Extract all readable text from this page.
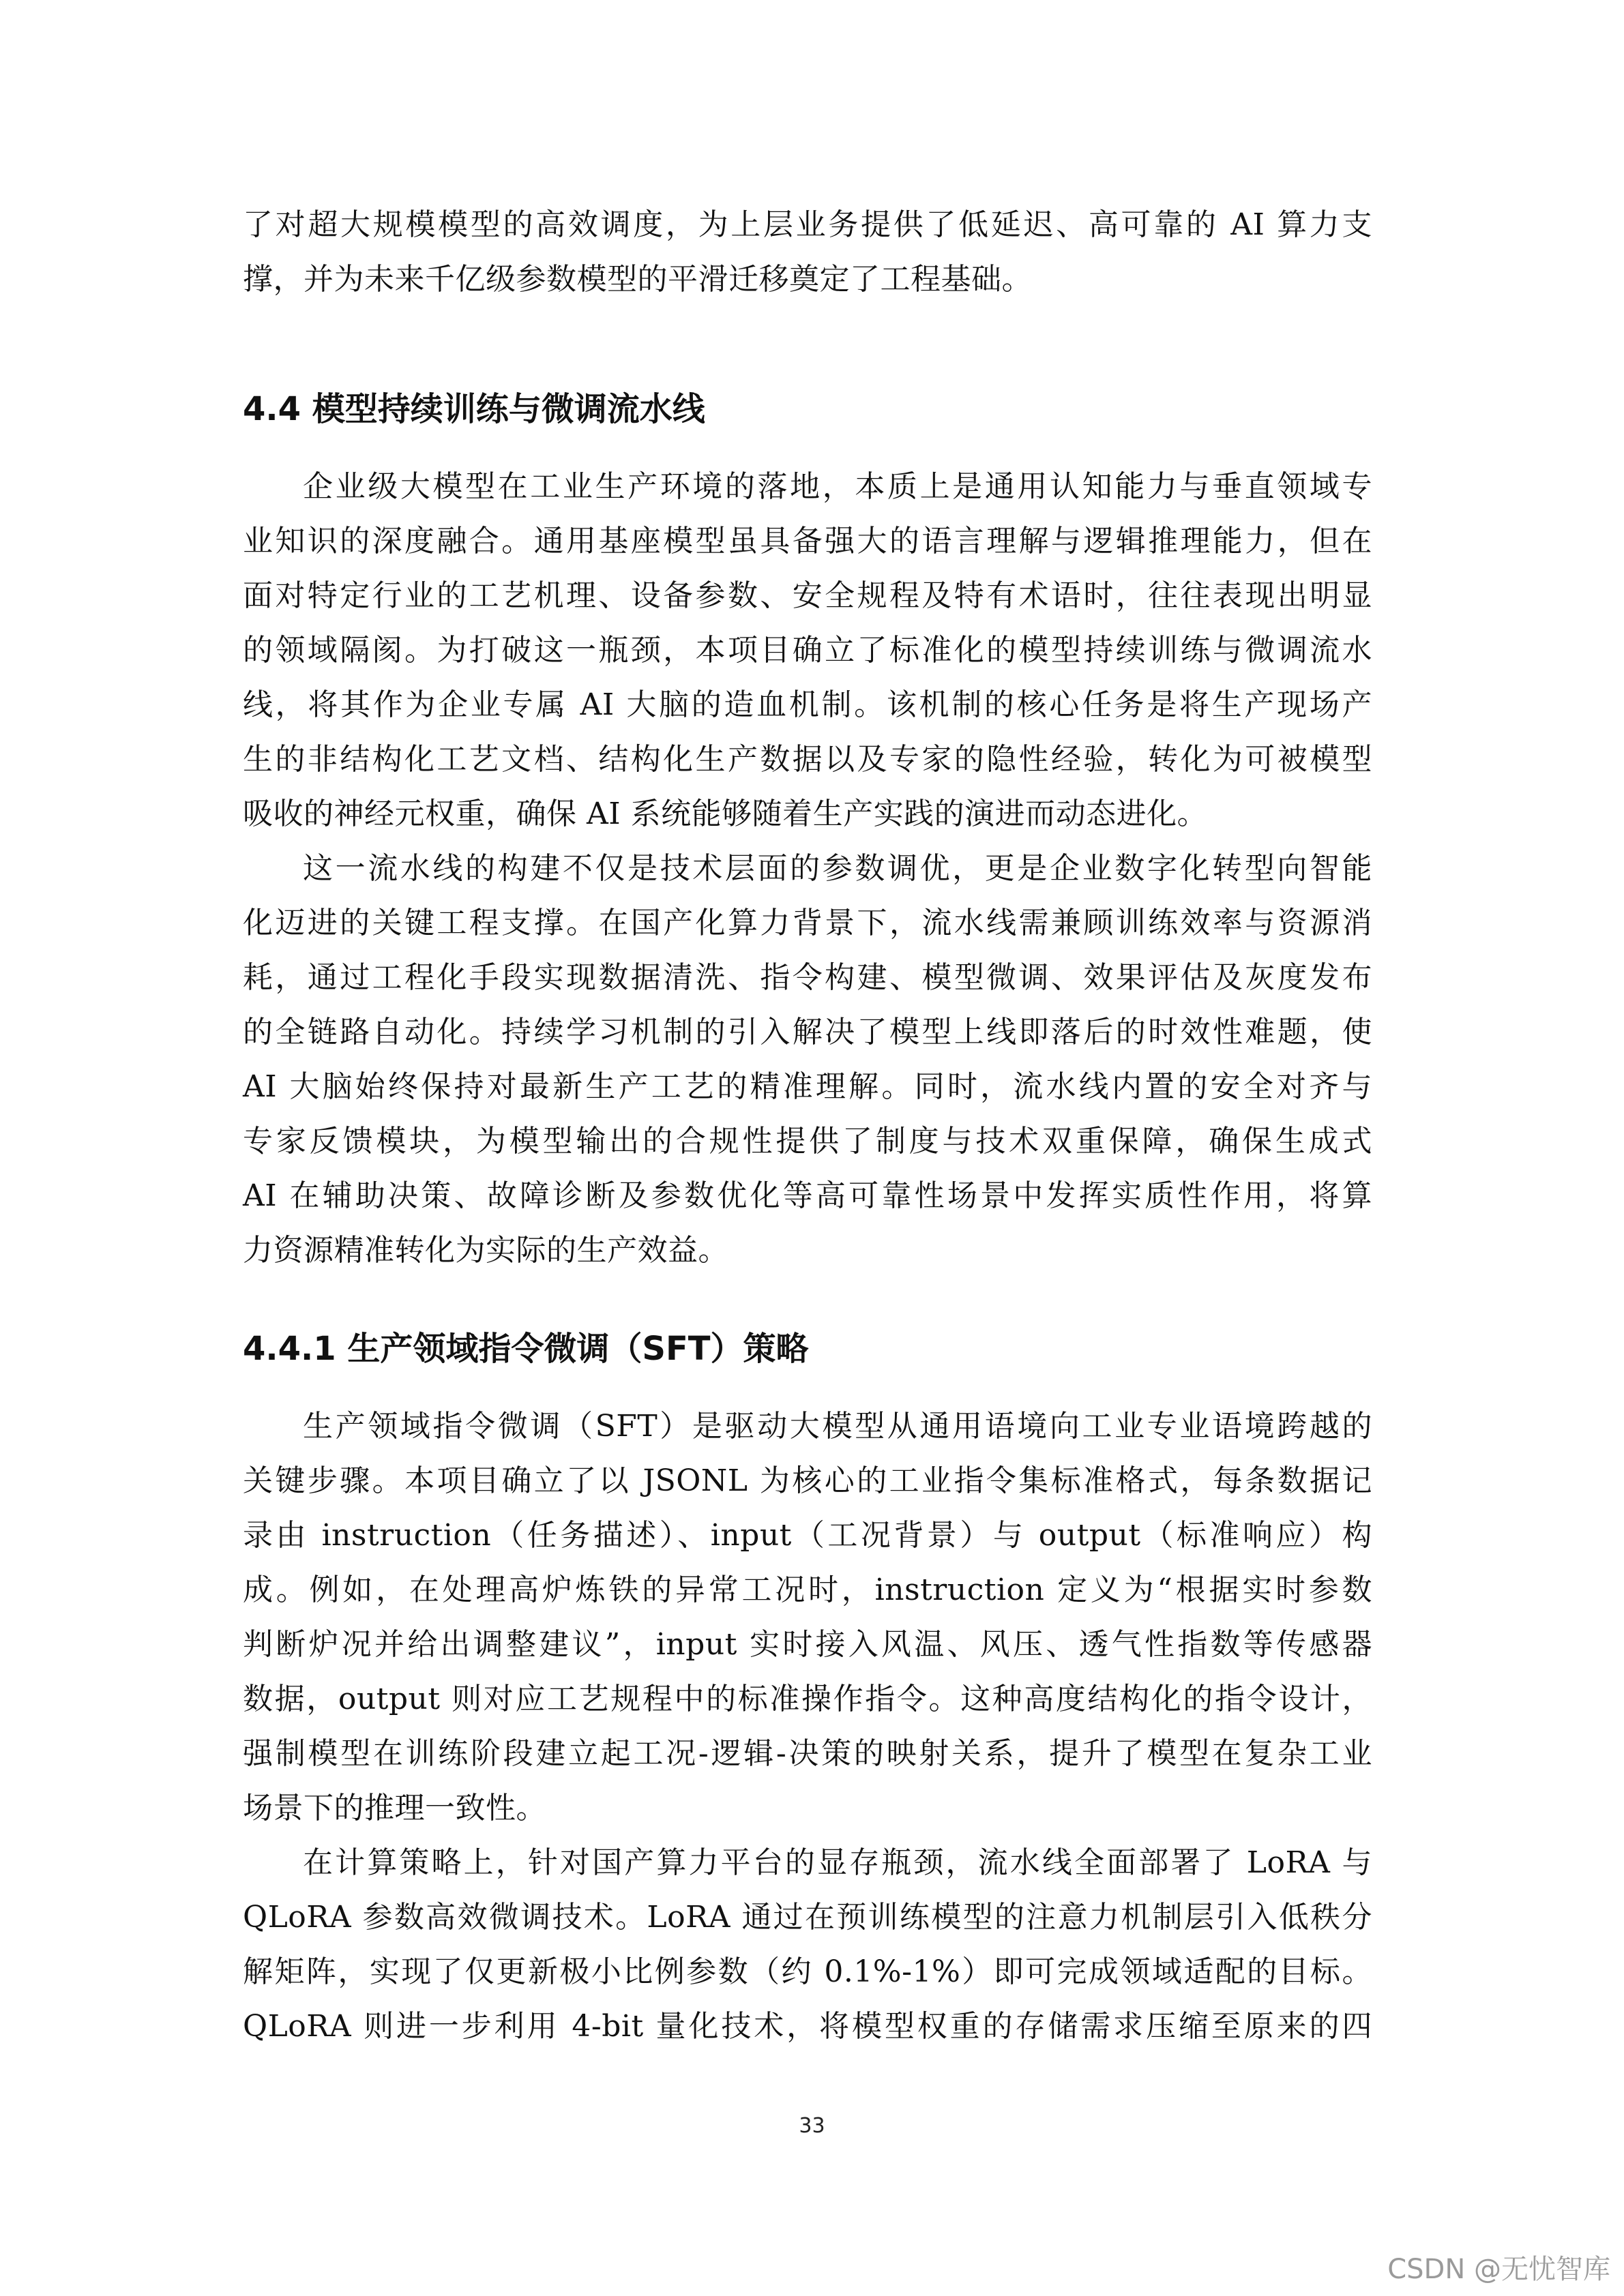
了对超大规模模型的高效调度，为上层业务提供了低延迟、高可靠的 AI 算力支
撑，并为未来千亿级参数模型的平滑迁移奠定了工程基础。
4.4 模型持续训练与微调流水线
企业级大模型在工业生产环境的落地，本质上是通用认知能力与垂直领域专
业知识的深度融合。通用基座模型虽具备强大的语言理解与逻辑推理能力，但在
面对特定行业的工艺机理、设备参数、安全规程及特有术语时，往往表现出明显
的领域隔阂。为打破这一瓶颈，本项目确立了标准化的模型持续训练与微调流水
线，将其作为企业专属 AI 大脑的造血机制。该机制的核心任务是将生产现场产
生的非结构化工艺文档、结构化生产数据以及专家的隐性经验，转化为可被模型
吸收的神经元权重，确保 AI 系统能够随着生产实践的演进而动态进化。
这一流水线的构建不仅是技术层面的参数调优，更是企业数字化转型向智能
化迈进的关键工程支撑。在国产化算力背景下，流水线需兼顾训练效率与资源消
耗，通过工程化手段实现数据清洗、指令构建、模型微调、效果评估及灰度发布
的全链路自动化。持续学习机制的引入解决了模型上线即落后的时效性难题，使
AI 大脑始终保持对最新生产工艺的精准理解。同时，流水线内置的安全对齐与
专家反馈模块，为模型输出的合规性提供了制度与技术双重保障，确保生成式
AI 在辅助决策、故障诊断及参数优化等高可靠性场景中发挥实质性作用，将算
力资源精准转化为实际的生产效益。
4.4.1 生产领域指令微调（SFT）策略
生产领域指令微调（SFT）是驱动大模型从通用语境向工业专业语境跨越的
关键步骤。本项目确立了以 JSONL 为核心的工业指令集标准格式，每条数据记
录由 instruction（任务描述）、input（工况背景）与 output（标准响应）构
成。例如，在处理高炉炼铁的异常工况时，instruction 定义为“根据实时参数
判断炉况并给出调整建议”，input 实时接入风温、风压、透气性指数等传感器
数据，output 则对应工艺规程中的标准操作指令。这种高度结构化的指令设计，
强制模型在训练阶段建立起工况-逻辑-决策的映射关系，提升了模型在复杂工业
场景下的推理一致性。
在计算策略上，针对国产算力平台的显存瓶颈，流水线全面部署了 LoRA 与
QLoRA 参数高效微调技术。LoRA 通过在预训练模型的注意力机制层引入低秩分
解矩阵，实现了仅更新极小比例参数（约 0.1%-1%）即可完成领域适配的目标。
QLoRA 则进一步利用 4-bit 量化技术，将模型权重的存储需求压缩至原来的四
33
CSDN @无忧智库
